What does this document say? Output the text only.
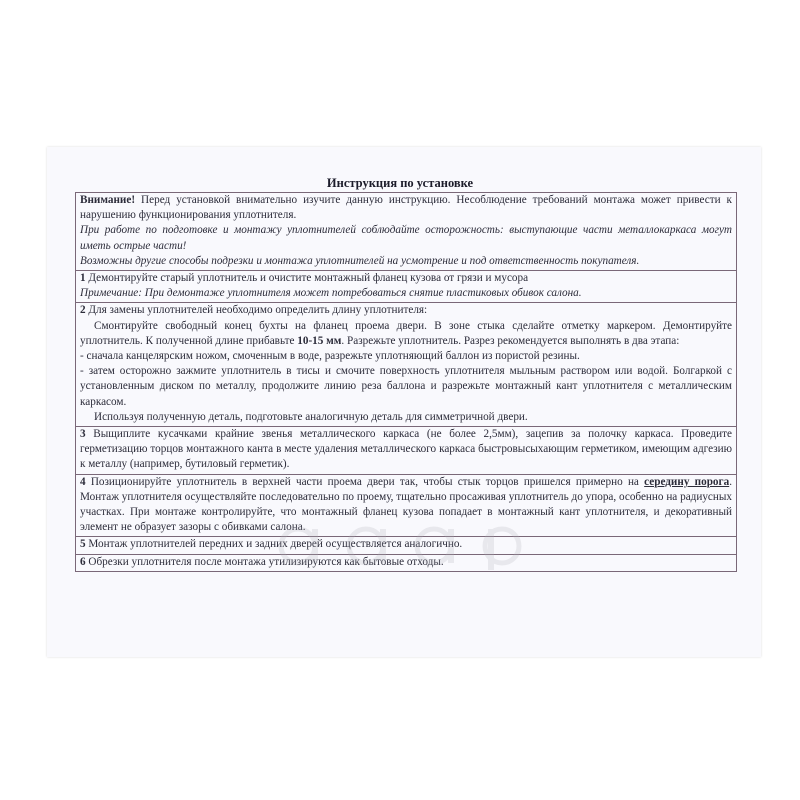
Инструкция по установке

Внимание! Перед установкой внимательно изучите данную инструкцию. Несоблюдение требований монтажа может привести к нарушению функционирования уплотнителя.

При работе по подготовке и монтажу уплотнителей соблюдайте осторожность: выступающие части металлокаркаса могут иметь острые части!

Возможны другие способы подрезки и монтажа уплотнителей на усмотрение и под ответственность покупателя.

1 Демонтируйте старый уплотнитель и очистите монтажный фланец кузова от грязи и мусора

Примечание: При демонтаже уплотнителя может потребоваться снятие пластиковых обивок салона.

2 Для замены уплотнителей необходимо определить длину уплотнителя:

Смонтируйте свободный конец бухты на фланец проема двери. В зоне стыка сделайте отметку маркером. Демонтируйте уплотнитель. К полученной длине прибавьте 10-15 мм. Разрежьте уплотнитель. Разрез рекомендуется выполнять в два этапа:

- сначала канцелярским ножом, смоченным в воде, разрежьте уплотняющий баллон из пористой резины.

- затем осторожно зажмите уплотнитель в тисы и смочите поверхность уплотнителя мыльным раствором или водой. Болгаркой с установленным диском по металлу, продолжите линию реза баллона и разрежьте монтажный кант уплотнителя с металлическим каркасом.

Используя полученную деталь, подготовьте аналогичную деталь для симметричной двери.

3 Выщиплите кусачками крайние звенья металлического каркаса (не более 2,5мм), зацепив за полочку каркаса. Проведите герметизацию торцов монтажного канта в месте удаления металлического каркаса быстровысыхающим герметиком, имеющим адгезию к металлу (например, бутиловый герметик).

4 Позиционируйте уплотнитель в верхней части проема двери так, чтобы стык торцов пришелся примерно на середину порога. Монтаж уплотнителя осуществляйте последовательно по проему, тщательно просаживая уплотнитель до упора, особенно на радиусных участках. При монтаже контролируйте, что монтажный фланец кузова попадает в монтажный кант уплотнителя, и декоративный элемент не образует зазоры с обивками салона.

5 Монтаж уплотнителей передних и задних дверей осуществляется аналогично.

6 Обрезки уплотнителя после монтажа утилизируются как бытовые отходы.
